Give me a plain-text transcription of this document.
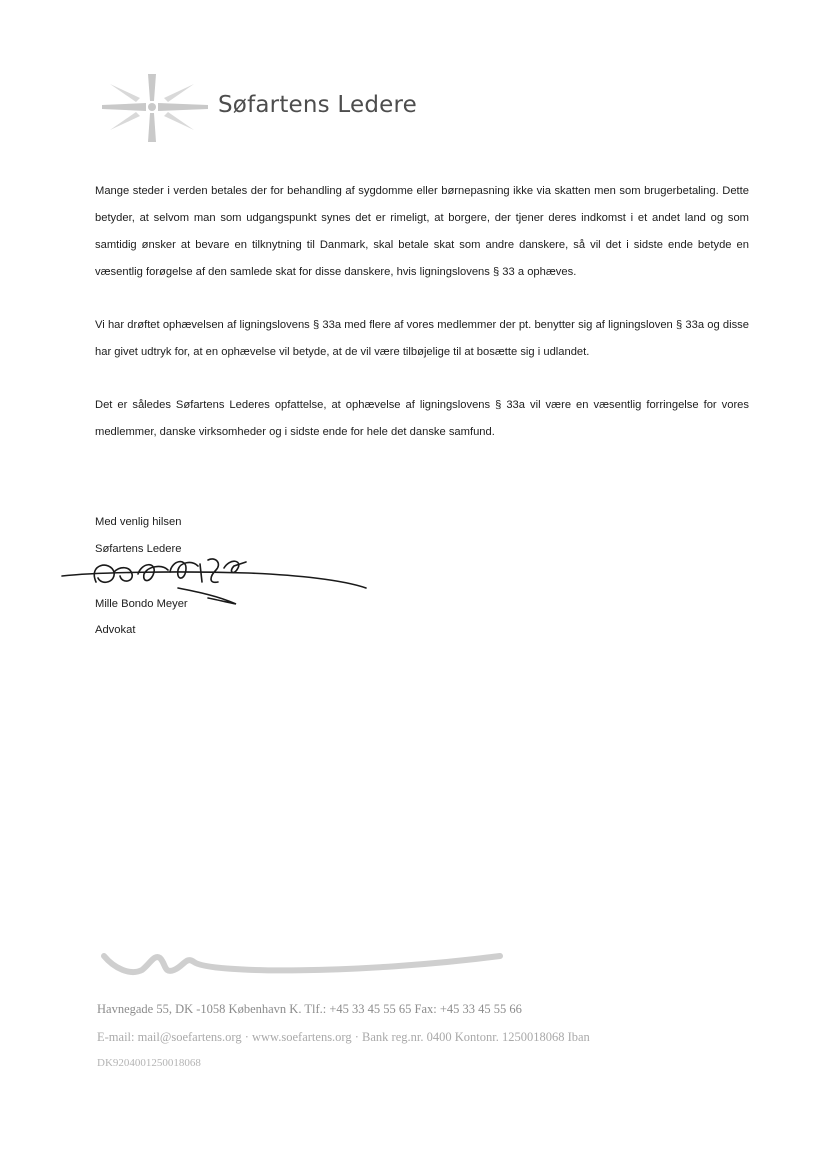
Søfartens Ledere

Mange steder i verden betales der for behandling af sygdomme eller børnepasning ikke via skatten men som brugerbetaling. Dette betyder, at selvom man som udgangspunkt synes det er rimeligt, at borgere, der tjener deres indkomst i et andet land og som samtidig ønsker at bevare en tilknytning til Danmark, skal betale skat som andre danskere, så vil det i sidste ende betyde en væsentlig forøgelse af den samlede skat for disse danskere, hvis ligningslovens § 33 a ophæves.

Vi har drøftet ophævelsen af ligningslovens § 33a med flere af vores medlemmer der pt. benytter sig af ligningsloven § 33a og disse har givet udtryk for, at en ophævelse vil betyde, at de vil være tilbøjelige til at bosætte sig i udlandet.

Det er således Søfartens Lederes opfattelse, at ophævelse af ligningslovens § 33a vil være en væsentlig forringelse for vores medlemmer, danske virksomheder og i sidste ende for hele det danske samfund.

Med venlig hilsen
Søfartens Ledere
Mille Bondo Meyer
Advokat
Havnegade 55, DK -1058 København K. Tlf.: +45 33 45 55 65 Fax: +45 33 45 55 66
E-mail: mail@soefartens.org · www.soefartens.org · Bank reg.nr. 0400 Kontonr. 1250018068 Iban
DK9204001250018068
